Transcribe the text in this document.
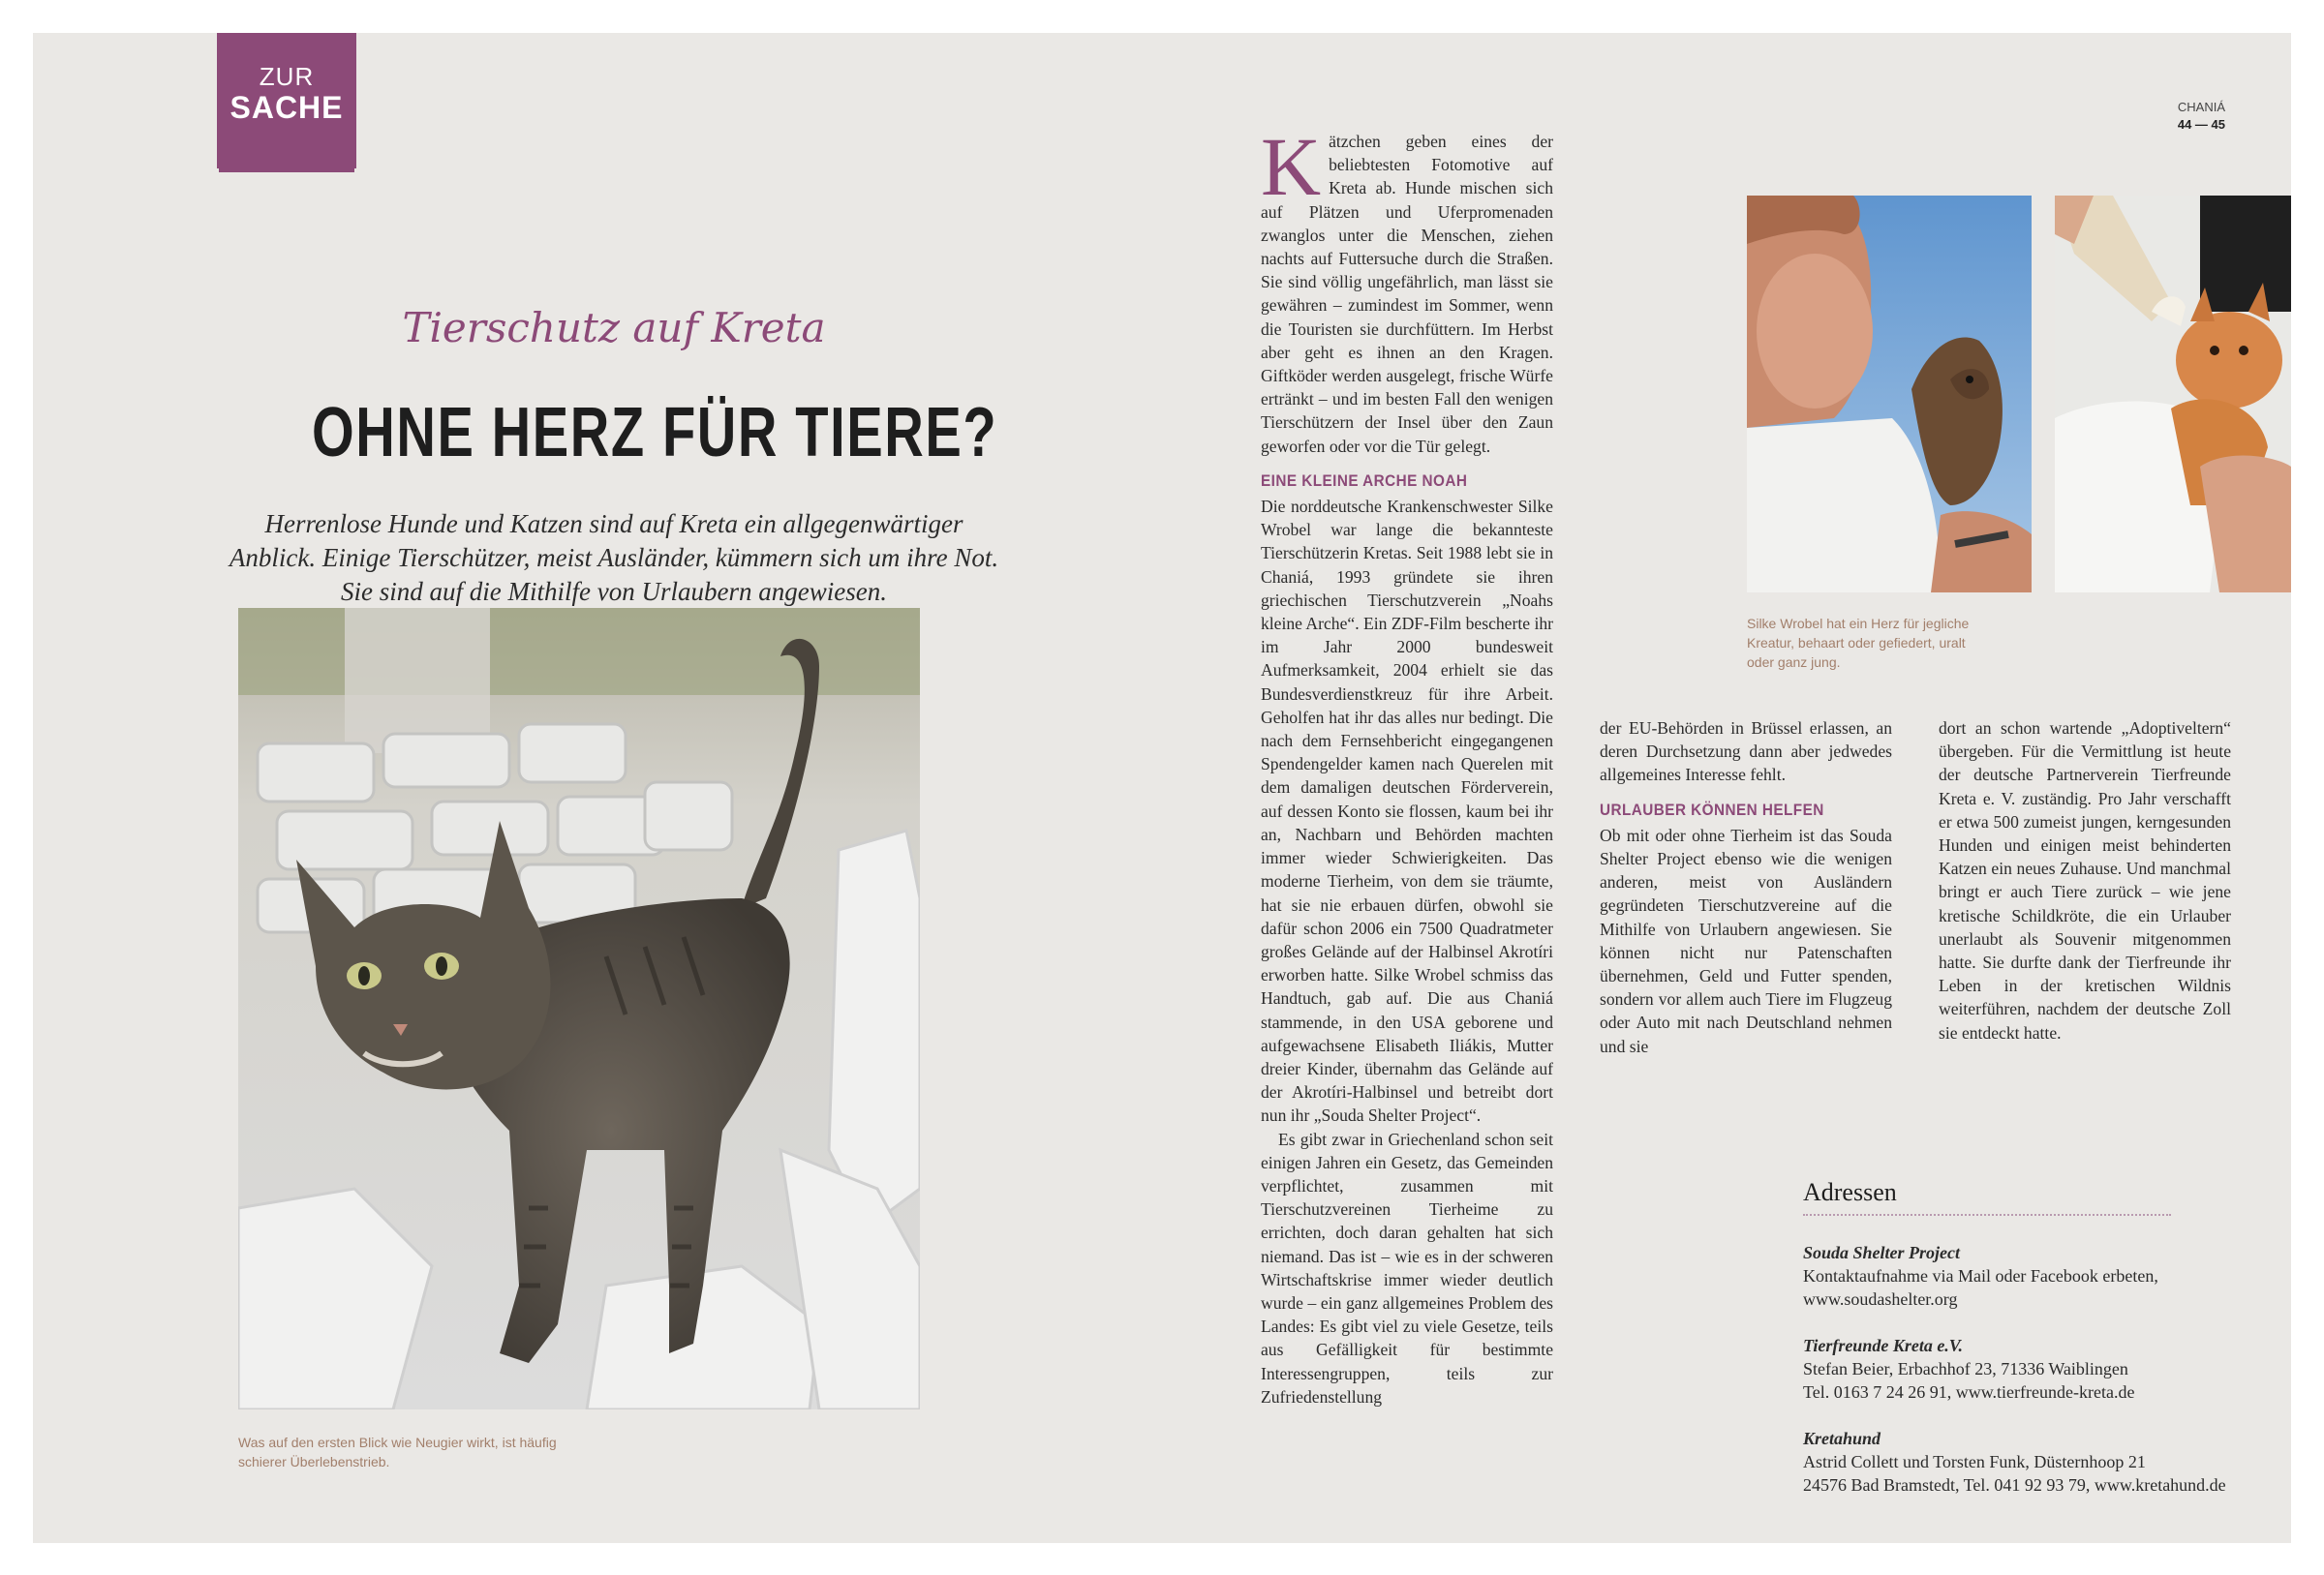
ZUR
SACHE	CHANIÁ
44 — 45
Tierschutz auf Kreta
OHNE HERZ FÜR TIERE?
Herrenlose Hunde und Katzen sind auf Kreta ein allgegenwärtiger Anblick. Einige Tierschützer, meist Ausländer, kümmern sich um ihre Not. Sie sind auf die Mithilfe von Urlaubern angewiesen.
Was auf den ersten Blick wie Neugier wirkt, ist häufig schierer Überlebenstrieb.
K ätzchen geben eines der beliebtesten Fotomotive auf Kreta ab. Hunde mischen sich auf Plätzen und Uferpromenaden zwanglos unter die Menschen, ziehen nachts auf Futtersuche durch die Straßen. Sie sind völlig ungefährlich, man lässt sie gewähren – zumindest im Sommer, wenn die Touristen sie durchfüttern. Im Herbst aber geht es ihnen an den Kragen. Giftköder werden ausgelegt, frische Würfe ertränkt – und im besten Fall den wenigen Tierschützern der Insel über den Zaun geworfen oder vor die Tür gelegt.

EINE KLEINE ARCHE NOAH

Die norddeutsche Krankenschwester Silke Wrobel war lange die bekannteste Tierschützerin Kretas. Seit 1988 lebt sie in Chaniá, 1993 gründete sie ihren griechischen Tierschutzverein „Noahs kleine Arche“. Ein ZDF-Film bescherte ihr im Jahr 2000 bundesweit Aufmerksamkeit, 2004 erhielt sie das Bundesverdienstkreuz für ihre Arbeit. Geholfen hat ihr das alles nur bedingt. Die nach dem Fernsehbericht eingegangenen Spendengelder kamen nach Querelen mit dem damaligen deutschen Förderverein, auf dessen Konto sie flossen, kaum bei ihr an, Nachbarn und Behörden machten immer wieder Schwierigkeiten. Das moderne Tierheim, von dem sie träumte, hat sie nie erbauen dürfen, obwohl sie dafür schon 2006 ein 7500 Quadratmeter großes Gelände auf der Halbinsel Akrotíri erworben hatte. Silke Wrobel schmiss das Handtuch, gab auf. Die aus Chaniá stammende, in den USA geborene und aufgewachsene Elisabeth Iliákis, Mutter dreier Kinder, übernahm das Gelände auf der Akrotíri-Halbinsel und betreibt dort nun ihr „Souda Shelter Project“.

Es gibt zwar in Griechenland schon seit einigen Jahren ein Gesetz, das Gemeinden verpflichtet, zusammen mit Tierschutzvereinen Tierheime zu errichten, doch daran gehalten hat sich niemand. Das ist – wie es in der schweren Wirtschaftskrise immer wieder deutlich wurde – ein ganz allgemeines Problem des Landes: Es gibt viel zu viele Gesetze, teils aus Gefälligkeit für bestimmte Interessengruppen, teils zur Zufriedenstellung

Silke Wrobel hat ein Herz für jegliche Kreatur, behaart oder gefiedert, uralt oder ganz jung.

der EU-Behörden in Brüssel erlassen, an deren Durchsetzung dann aber jedwedes allgemeines Interesse fehlt.

URLAUBER KÖNNEN HELFEN

Ob mit oder ohne Tierheim ist das Souda Shelter Project ebenso wie die wenigen anderen, meist von Ausländern gegründeten Tierschutzvereine auf die Mithilfe von Urlaubern angewiesen. Sie können nicht nur Patenschaften übernehmen, Geld und Futter spenden, sondern vor allem auch Tiere im Flugzeug oder Auto mit nach Deutschland nehmen und sie

dort an schon wartende „Adoptiveltern“ übergeben. Für die Vermittlung ist heute der deutsche Partnerverein Tierfreunde Kreta e. V. zuständig. Pro Jahr verschafft er etwa 500 zumeist jungen, kerngesunden Hunden und einigen meist behinderten Katzen ein neues Zuhause. Und manchmal bringt er auch Tiere zurück – wie jene kretische Schildkröte, die ein Urlauber unerlaubt als Souvenir mitgenommen hatte. Sie durfte dank der Tierfreunde ihr Leben in der kretischen Wildnis weiterführen, nachdem der deutsche Zoll sie entdeckt hatte.

Adressen
Souda Shelter Project
Kontaktaufnahme via Mail oder Facebook erbeten,
www.soudashelter.org
Tierfreunde Kreta e.V.
Stefan Beier, Erbachhof 23, 71336 Waiblingen
Tel. 0163 7 24 26 91, www.tierfreunde-kreta.de
Kretahund
Astrid Collett und Torsten Funk, Düsternhoop 21
24576 Bad Bramstedt, Tel. 041 92 93 79, www.kretahund.de
